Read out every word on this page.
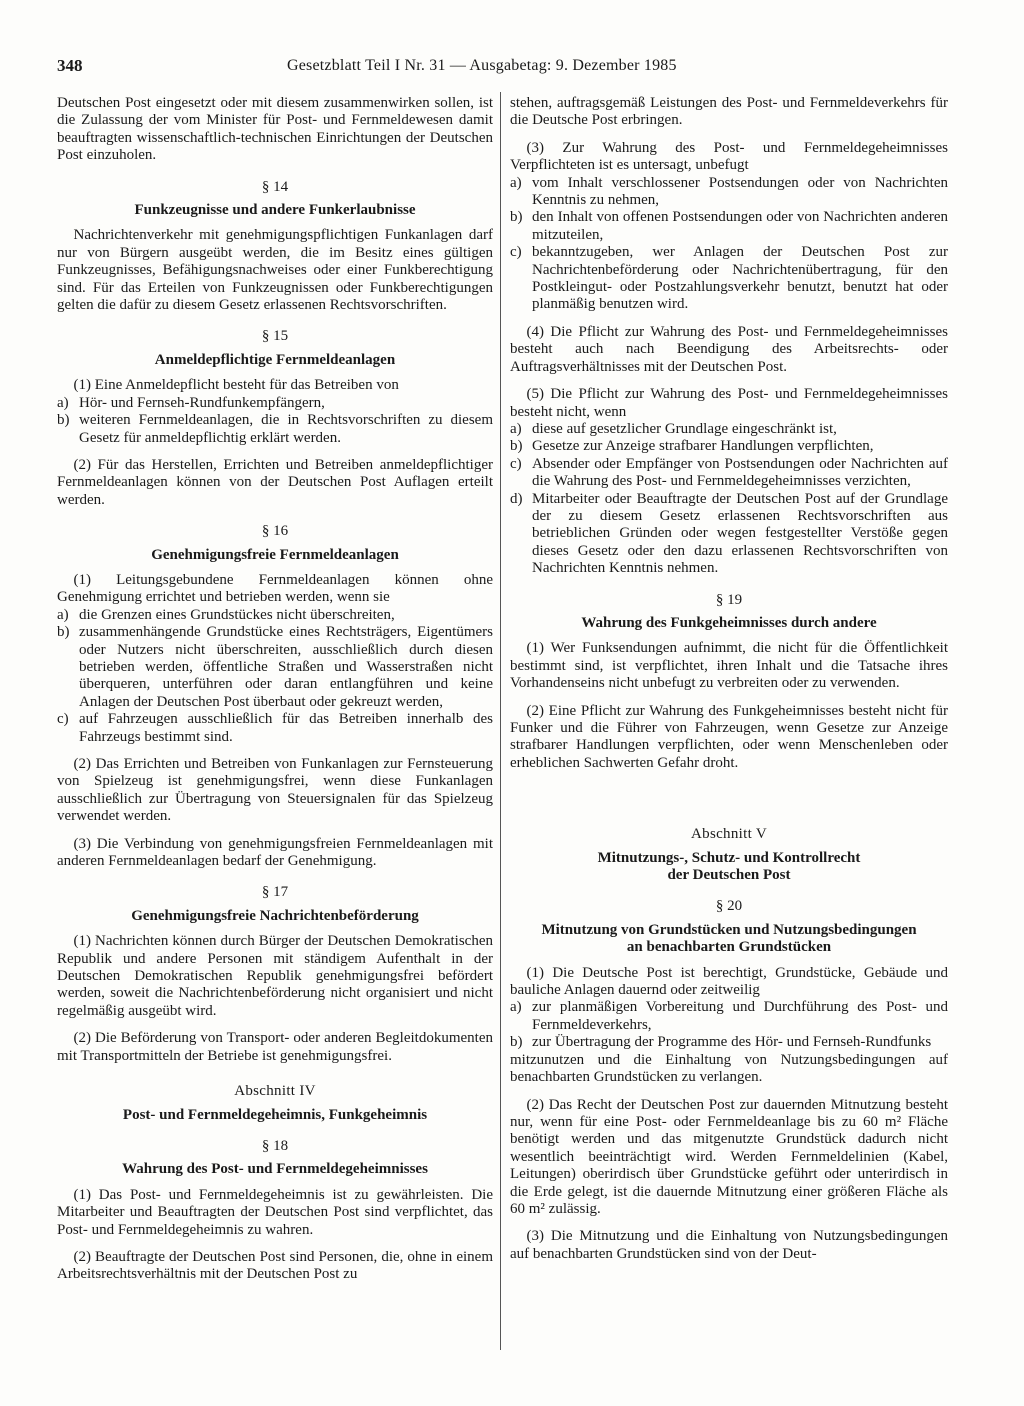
348	Gesetzblatt Teil I Nr. 31 — Ausgabetag: 9. Dezember 1985

Deutschen Post eingesetzt oder mit diesem zusammenwirken sollen, ist die Zulassung der vom Minister für Post- und Fernmeldewesen damit beauftragten wissenschaftlich-technischen Einrichtungen der Deutschen Post einzuholen.

§ 14
Funkzeugnisse und andere Funkerlaubnisse

Nachrichtenverkehr mit genehmigungspflichtigen Funkanlagen darf nur von Bürgern ausgeübt werden, die im Besitz eines gültigen Funkzeugnisses, Befähigungsnachweises oder einer Funkberechtigung sind. Für das Erteilen von Funkzeugnissen oder Funkberechtigungen gelten die dafür zu diesem Gesetz erlassenen Rechtsvorschriften.

§ 15
Anmeldepflichtige Fernmeldeanlagen

(1) Eine Anmeldepflicht besteht für das Betreiben von

a) Hör- und Fernseh-Rundfunkempfängern,
b) weiteren Fernmeldeanlagen, die in Rechtsvorschriften zu diesem Gesetz für anmeldepflichtig erklärt werden.

(2) Für das Herstellen, Errichten und Betreiben anmeldepflichtiger Fernmeldeanlagen können von der Deutschen Post Auflagen erteilt werden.

§ 16
Genehmigungsfreie Fernmeldeanlagen

(1) Leitungsgebundene Fernmeldeanlagen können ohne Genehmigung errichtet und betrieben werden, wenn sie

a) die Grenzen eines Grundstückes nicht überschreiten,
b) zusammenhängende Grundstücke eines Rechtsträgers, Eigentümers oder Nutzers nicht überschreiten, ausschließlich durch diesen betrieben werden, öffentliche Straßen und Wasserstraßen nicht überqueren, unterführen oder daran entlangführen und keine Anlagen der Deutschen Post überbaut oder gekreuzt werden,
c) auf Fahrzeugen ausschließlich für das Betreiben innerhalb des Fahrzeugs bestimmt sind.

(2) Das Errichten und Betreiben von Funkanlagen zur Fernsteuerung von Spielzeug ist genehmigungsfrei, wenn diese Funkanlagen ausschließlich zur Übertragung von Steuersignalen für das Spielzeug verwendet werden.

(3) Die Verbindung von genehmigungsfreien Fernmeldeanlagen mit anderen Fernmeldeanlagen bedarf der Genehmigung.

§ 17
Genehmigungsfreie Nachrichtenbeförderung

(1) Nachrichten können durch Bürger der Deutschen Demokratischen Republik und andere Personen mit ständigem Aufenthalt in der Deutschen Demokratischen Republik genehmigungsfrei befördert werden, soweit die Nachrichtenbeförderung nicht organisiert und nicht regelmäßig ausgeübt wird.

(2) Die Beförderung von Transport- oder anderen Begleitdokumenten mit Transportmitteln der Betriebe ist genehmigungsfrei.

Abschnitt IV
Post- und Fernmeldegeheimnis, Funkgeheimnis
§ 18
Wahrung des Post- und Fernmeldegeheimnisses

(1) Das Post- und Fernmeldegeheimnis ist zu gewährleisten. Die Mitarbeiter und Beauftragten der Deutschen Post sind verpflichtet, das Post- und Fernmeldegeheimnis zu wahren.

(2) Beauftragte der Deutschen Post sind Personen, die, ohne in einem Arbeitsrechtsverhältnis mit der Deutschen Post zu

stehen, auftragsgemäß Leistungen des Post- und Fernmeldeverkehrs für die Deutsche Post erbringen.

(3) Zur Wahrung des Post- und Fernmeldegeheimnisses Verpflichteten ist es untersagt, unbefugt

a) vom Inhalt verschlossener Postsendungen oder von Nachrichten Kenntnis zu nehmen,
b) den Inhalt von offenen Postsendungen oder von Nachrichten anderen mitzuteilen,
c) bekanntzugeben, wer Anlagen der Deutschen Post zur Nachrichtenbeförderung oder Nachrichtenübertragung, für den Postkleingut- oder Postzahlungsverkehr benutzt, benutzt hat oder planmäßig benutzen wird.

(4) Die Pflicht zur Wahrung des Post- und Fernmeldegeheimnisses besteht auch nach Beendigung des Arbeitsrechts- oder Auftragsverhältnisses mit der Deutschen Post.

(5) Die Pflicht zur Wahrung des Post- und Fernmeldegeheimnisses besteht nicht, wenn

a) diese auf gesetzlicher Grundlage eingeschränkt ist,
b) Gesetze zur Anzeige strafbarer Handlungen verpflichten,
c) Absender oder Empfänger von Postsendungen oder Nachrichten auf die Wahrung des Post- und Fernmeldegeheimnisses verzichten,
d) Mitarbeiter oder Beauftragte der Deutschen Post auf der Grundlage der zu diesem Gesetz erlassenen Rechtsvorschriften aus betrieblichen Gründen oder wegen festgestellter Verstöße gegen dieses Gesetz oder den dazu erlassenen Rechtsvorschriften von Nachrichten Kenntnis nehmen.
§ 19
Wahrung des Funkgeheimnisses durch andere

(1) Wer Funksendungen aufnimmt, die nicht für die Öffentlichkeit bestimmt sind, ist verpflichtet, ihren Inhalt und die Tatsache ihres Vorhandenseins nicht unbefugt zu verbreiten oder zu verwenden.

(2) Eine Pflicht zur Wahrung des Funkgeheimnisses besteht nicht für Funker und die Führer von Fahrzeugen, wenn Gesetze zur Anzeige strafbarer Handlungen verpflichten, oder wenn Menschenleben oder erheblichen Sachwerten Gefahr droht.

Abschnitt V
Mitnutzungs-, Schutz- und Kontrollrecht
der Deutschen Post
§ 20
Mitnutzung von Grundstücken und Nutzungsbedingungen
an benachbarten Grundstücken

(1) Die Deutsche Post ist berechtigt, Grundstücke, Gebäude und bauliche Anlagen dauernd oder zeitweilig

a) zur planmäßigen Vorbereitung und Durchführung des Post- und Fernmeldeverkehrs,
b) zur Übertragung der Programme des Hör- und Fernseh-Rundfunks

mitzunutzen und die Einhaltung von Nutzungsbedingungen auf benachbarten Grundstücken zu verlangen.

(2) Das Recht der Deutschen Post zur dauernden Mitnutzung besteht nur, wenn für eine Post- oder Fernmeldeanlage bis zu 60 m² Fläche benötigt werden und das mitgenutzte Grundstück dadurch nicht wesentlich beeinträchtigt wird. Werden Fernmeldelinien (Kabel, Leitungen) oberirdisch über Grundstücke geführt oder unterirdisch in die Erde gelegt, ist die dauernde Mitnutzung einer größeren Fläche als 60 m² zulässig.

(3) Die Mitnutzung und die Einhaltung von Nutzungsbedingungen auf benachbarten Grundstücken sind von der Deut-
